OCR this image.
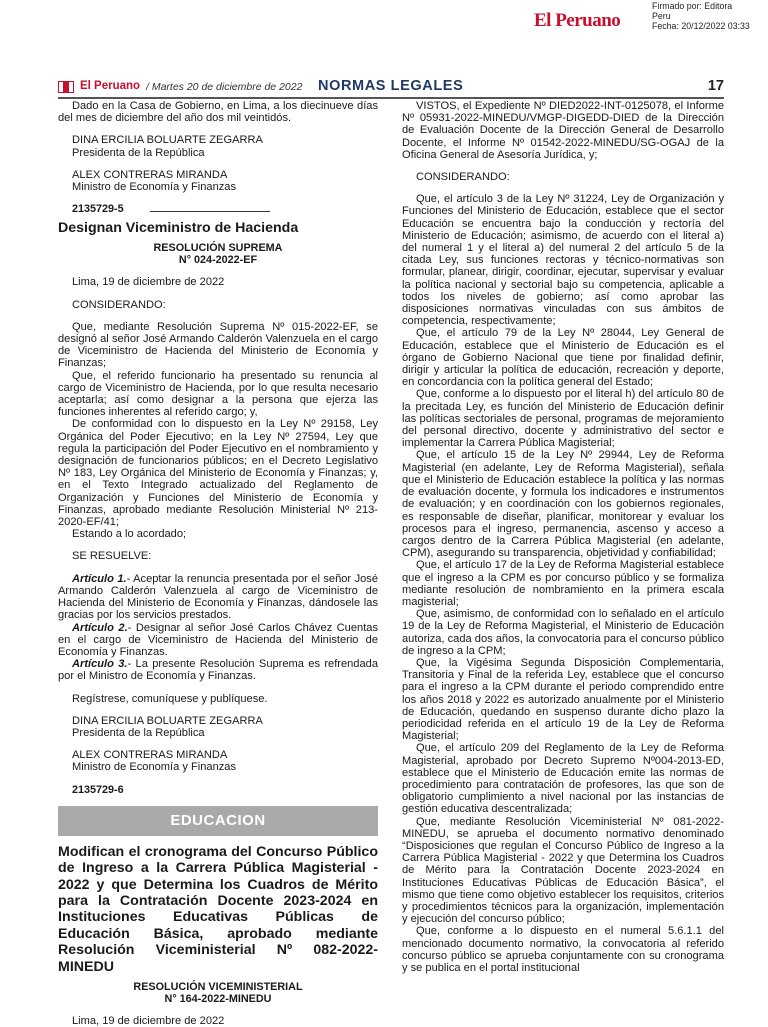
El Peruano
Firmado por: Editora
Peru
Fecha: 20/12/2022 03:33
El Peruano / Martes 20 de diciembre de 2022 NORMAS LEGALES	17

Dado en la Casa de Gobierno, en Lima, a los diecinueve días del mes de diciembre del año dos mil veintidós.

DINA ERCILIA BOLUARTE ZEGARRA

Presidenta de la República

ALEX CONTRERAS MIRANDA

Ministro de Economía y Finanzas

2135729-5

Designan Viceministro de Hacienda
RESOLUCIÓN SUPREMA
N° 024-2022-EF

Lima, 19 de diciembre de 2022

CONSIDERANDO:

Que, mediante Resolución Suprema Nº 015-2022-EF, se designó al señor José Armando Calderón Valenzuela en el cargo de Viceministro de Hacienda del Ministerio de Economía y Finanzas;

Que, el referido funcionario ha presentado su renuncia al cargo de Viceministro de Hacienda, por lo que resulta necesario aceptarla; así como designar a la persona que ejerza las funciones inherentes al referido cargo; y,

De conformidad con lo dispuesto en la Ley Nº 29158, Ley Orgánica del Poder Ejecutivo; en la Ley Nº 27594, Ley que regula la participación del Poder Ejecutivo en el nombramiento y designación de funcionarios públicos; en el Decreto Legislativo Nº 183, Ley Orgánica del Ministerio de Economía y Finanzas; y, en el Texto Integrado actualizado del Reglamento de Organización y Funciones del Ministerio de Economía y Finanzas, aprobado mediante Resolución Ministerial Nº 213-2020-EF/41;

Estando a lo acordado;

SE RESUELVE:

Artículo 1.- Aceptar la renuncia presentada por el señor José Armando Calderón Valenzuela al cargo de Viceministro de Hacienda del Ministerio de Economía y Finanzas, dándosele las gracias por los servicios prestados.

Artículo 2.- Designar al señor José Carlos Chávez Cuentas en el cargo de Viceministro de Hacienda del Ministerio de Economía y Finanzas.

Artículo 3.- La presente Resolución Suprema es refrendada por el Ministro de Economía y Finanzas.

Regístrese, comuníquese y publíquese.

DINA ERCILIA BOLUARTE ZEGARRA

Presidenta de la República

ALEX CONTRERAS MIRANDA

Ministro de Economía y Finanzas

2135729-6

EDUCACION
Modifican el cronograma del Concurso Público de Ingreso a la Carrera Pública Magisterial - 2022 y que Determina los Cuadros de Mérito para la Contratación Docente 2023-2024 en Instituciones Educativas Públicas de Educación Básica, aprobado mediante Resolución Viceministerial Nº 082-2022-MINEDU
RESOLUCIÓN VICEMINISTERIAL
N° 164-2022-MINEDU

Lima, 19 de diciembre de 2022

VISTOS, el Expediente Nº DIED2022-INT-0125078, el Informe Nº 05931-2022-MINEDU/VMGP-DIGEDD-DIED de la Dirección de Evaluación Docente de la Dirección General de Desarrollo Docente, el Informe Nº 01542-2022-MINEDU/SG-OGAJ de la Oficina General de Asesoría Jurídica, y;

CONSIDERANDO:

Que, el artículo 3 de la Ley Nº 31224, Ley de Organización y Funciones del Ministerio de Educación, establece que el sector Educación se encuentra bajo la conducción y rectoría del Ministerio de Educación; asimismo, de acuerdo con el literal a) del numeral 1 y el literal a) del numeral 2 del artículo 5 de la citada Ley, sus funciones rectoras y técnico-normativas son formular, planear, dirigir, coordinar, ejecutar, supervisar y evaluar la política nacional y sectorial bajo su competencia, aplicable a todos los niveles de gobierno; así como aprobar las disposiciones normativas vinculadas con sus ámbitos de competencia, respectivamente;

Que, el artículo 79 de la Ley Nº 28044, Ley General de Educación, establece que el Ministerio de Educación es el órgano de Gobierno Nacional que tiene por finalidad definir, dirigir y articular la política de educación, recreación y deporte, en concordancia con la política general del Estado;

Que, conforme a lo dispuesto por el literal h) del artículo 80 de la precitada Ley, es función del Ministerio de Educación definir las políticas sectoriales de personal, programas de mejoramiento del personal directivo, docente y administrativo del sector e implementar la Carrera Pública Magisterial;

Que, el artículo 15 de la Ley Nº 29944, Ley de Reforma Magisterial (en adelante, Ley de Reforma Magisterial), señala que el Ministerio de Educación establece la política y las normas de evaluación docente, y formula los indicadores e instrumentos de evaluación; y en coordinación con los gobiernos regionales, es responsable de diseñar, planificar, monitorear y evaluar los procesos para el ingreso, permanencia, ascenso y acceso a cargos dentro de la Carrera Pública Magisterial (en adelante, CPM), asegurando su transparencia, objetividad y confiabilidad;

Que, el artículo 17 de la Ley de Reforma Magisterial establece que el ingreso a la CPM es por concurso público y se formaliza mediante resolución de nombramiento en la primera escala magisterial;

Que, asimismo, de conformidad con lo señalado en el artículo 19 de la Ley de Reforma Magisterial, el Ministerio de Educación autoriza, cada dos años, la convocatoria para el concurso público de ingreso a la CPM;

Que, la Vigésima Segunda Disposición Complementaria, Transitoria y Final de la referida Ley, establece que el concurso para el ingreso a la CPM durante el periodo comprendido entre los años 2018 y 2022 es autorizado anualmente por el Ministerio de Educación, quedando en suspenso durante dicho plazo la periodicidad referida en el artículo 19 de la Ley de Reforma Magisterial;

Que, el artículo 209 del Reglamento de la Ley de Reforma Magisterial, aprobado por Decreto Supremo Nº004-2013-ED, establece que el Ministerio de Educación emite las normas de procedimiento para contratación de profesores, las que son de obligatorio cumplimiento a nivel nacional por las instancias de gestión educativa descentralizada;

Que, mediante Resolución Viceministerial Nº 081-2022-MINEDU, se aprueba el documento normativo denominado “Disposiciones que regulan el Concurso Público de Ingreso a la Carrera Pública Magisterial - 2022 y que Determina los Cuadros de Mérito para la Contratación Docente 2023-2024 en Instituciones Educativas Públicas de Educación Básica”, el mismo que tiene como objetivo establecer los requisitos, criterios y procedimientos técnicos para la organización, implementación y ejecución del concurso público;

Que, conforme a lo dispuesto en el numeral 5.6.1.1 del mencionado documento normativo, la convocatoria al referido concurso público se aprueba conjuntamente con su cronograma y se publica en el portal institucional
